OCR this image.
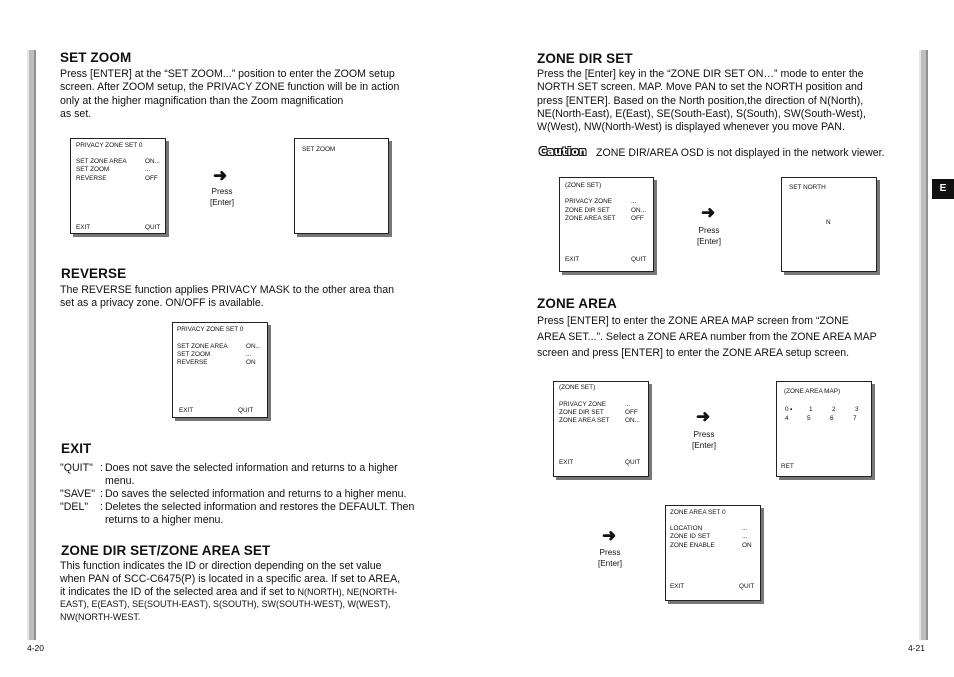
E
SET ZOOM

Press [ENTER] at the “SET ZOOM...” position to enter the ZOOM setup

screen. After ZOOM setup, the PRIVACY ZONE function will be in action

only at the higher magnification than the Zoom magnification

as set.

PRIVACY ZONE SET 0
SET ZONE AREA	ON...
SET ZOOM	...
REVERSE	OFF
EXIT	QUIT
➜
Press
[Enter]
SET ZOOM
REVERSE

The REVERSE function applies PRIVACY MASK to the other area than

set as a privacy zone. ON/OFF is available.

PRIVACY ZONE SET 0
SET ZONE AREA	ON...
SET ZOOM	...
REVERSE	ON
EXIT	QUIT
EXIT
"QUIT" : Does not save the selected information and returns to a higher menu.
"SAVE" : Do saves the selected information and returns to a higher menu.
"DEL" : Deletes the selected information and restores the DEFAULT. Then returns to a higher menu.
ZONE DIR SET/ZONE AREA SET

This function indicates the ID or direction depending on the set value

when PAN of SCC-C6475(P) is located in a specific area. If set to AREA,

it indicates the ID of the selected area and if set to N(NORTH), NE(NORTH-

EAST), E(EAST), SE(SOUTH-EAST), S(SOUTH), SW(SOUTH-WEST), W(WEST),

NW(NORTH-WEST.

4-20	4-21
ZONE DIR SET

Press the [Enter] key in the “ZONE DIR SET ON…” mode to enter the

NORTH SET screen. MAP. Move PAN to set the NORTH position and

press [ENTER]. Based on the North position,the direction of N(North),

NE(North-East), E(East), SE(South-East), S(South), SW(South-West),

W(West), NW(North-West) is displayed whenever you move PAN.

Caution ZONE DIR/AREA OSD is not displayed in the network viewer.
(ZONE SET)
PRIVACY ZONE	...
ZONE DIR SET	ON...
ZONE AREA SET OFF
EXIT	QUIT
➜
Press
[Enter]
SET NORTH
N
ZONE AREA

Press [ENTER] to enter the ZONE AREA MAP screen from “ZONE

AREA SET...”. Select a ZONE AREA number from the ZONE AREA MAP

screen and press [ENTER] to enter the ZONE AREA setup screen.

(ZONE SET)
PRIVACY ZONE	...
ZONE DIR SET	OFF
ZONE AREA SET ON...
EXIT	QUIT
➜
Press
[Enter]
(ZONE AREA MAP)
0 ▪	1	2	3
4	5	6	7
RET
➜
Press
[Enter]
ZONE AREA SET 0
LOCATION	...
ZONE ID SET	...
ZONE ENABLE	ON
EXIT	QUIT
